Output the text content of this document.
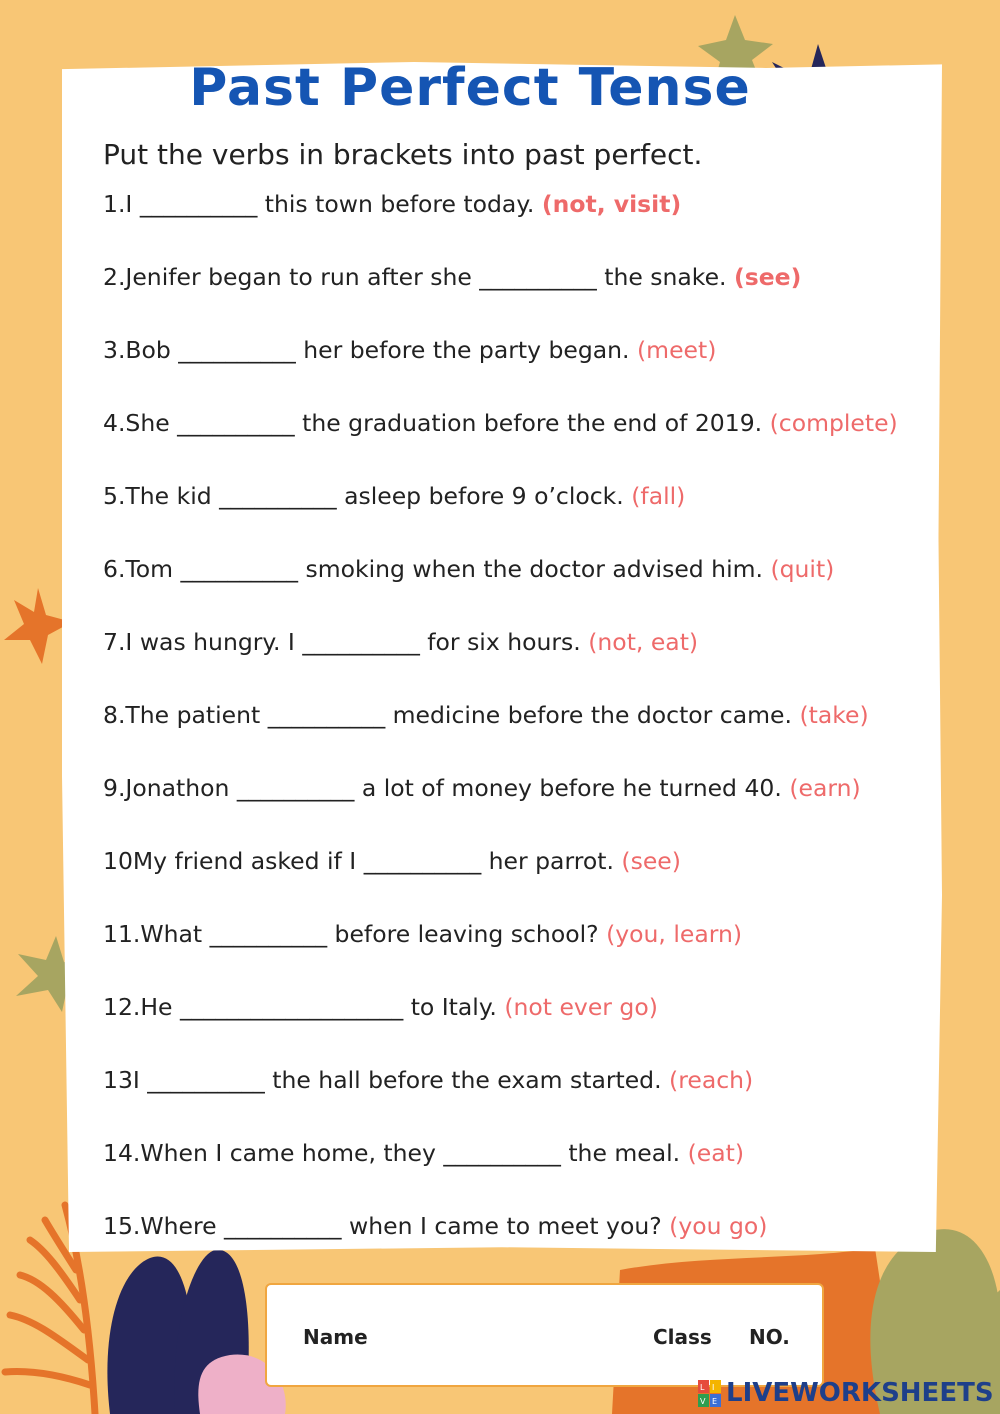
Past Perfect Tense

Put the verbs in brackets into past perfect.

1.I __________ this town before today. (not, visit)
2.Jenifer began to run after she __________ the snake. (see)
3.Bob __________ her before the party began. (meet)
4.She __________ the graduation before the end of 2019. (complete)
5.The kid __________ asleep before 9 o’clock. (fall)
6.Tom __________ smoking when the doctor advised him. (quit)
7.I was hungry. I __________ for six hours. (not, eat)
8.The patient __________ medicine before the doctor came. (take)
9.Jonathon __________ a lot of money before he turned 40. (earn)
10My friend asked if I __________ her parrot. (see)
11.What __________ before leaving school? (you, learn)
12.He ___________________ to Italy. (not ever go)
13I __________ the hall before the exam started. (reach)
14.When I came home, they __________ the meal. (eat)
15.Where __________ when I came to meet you? (you go)
Name	Class NO.
L I
V E LIVEWORKSHEETS
